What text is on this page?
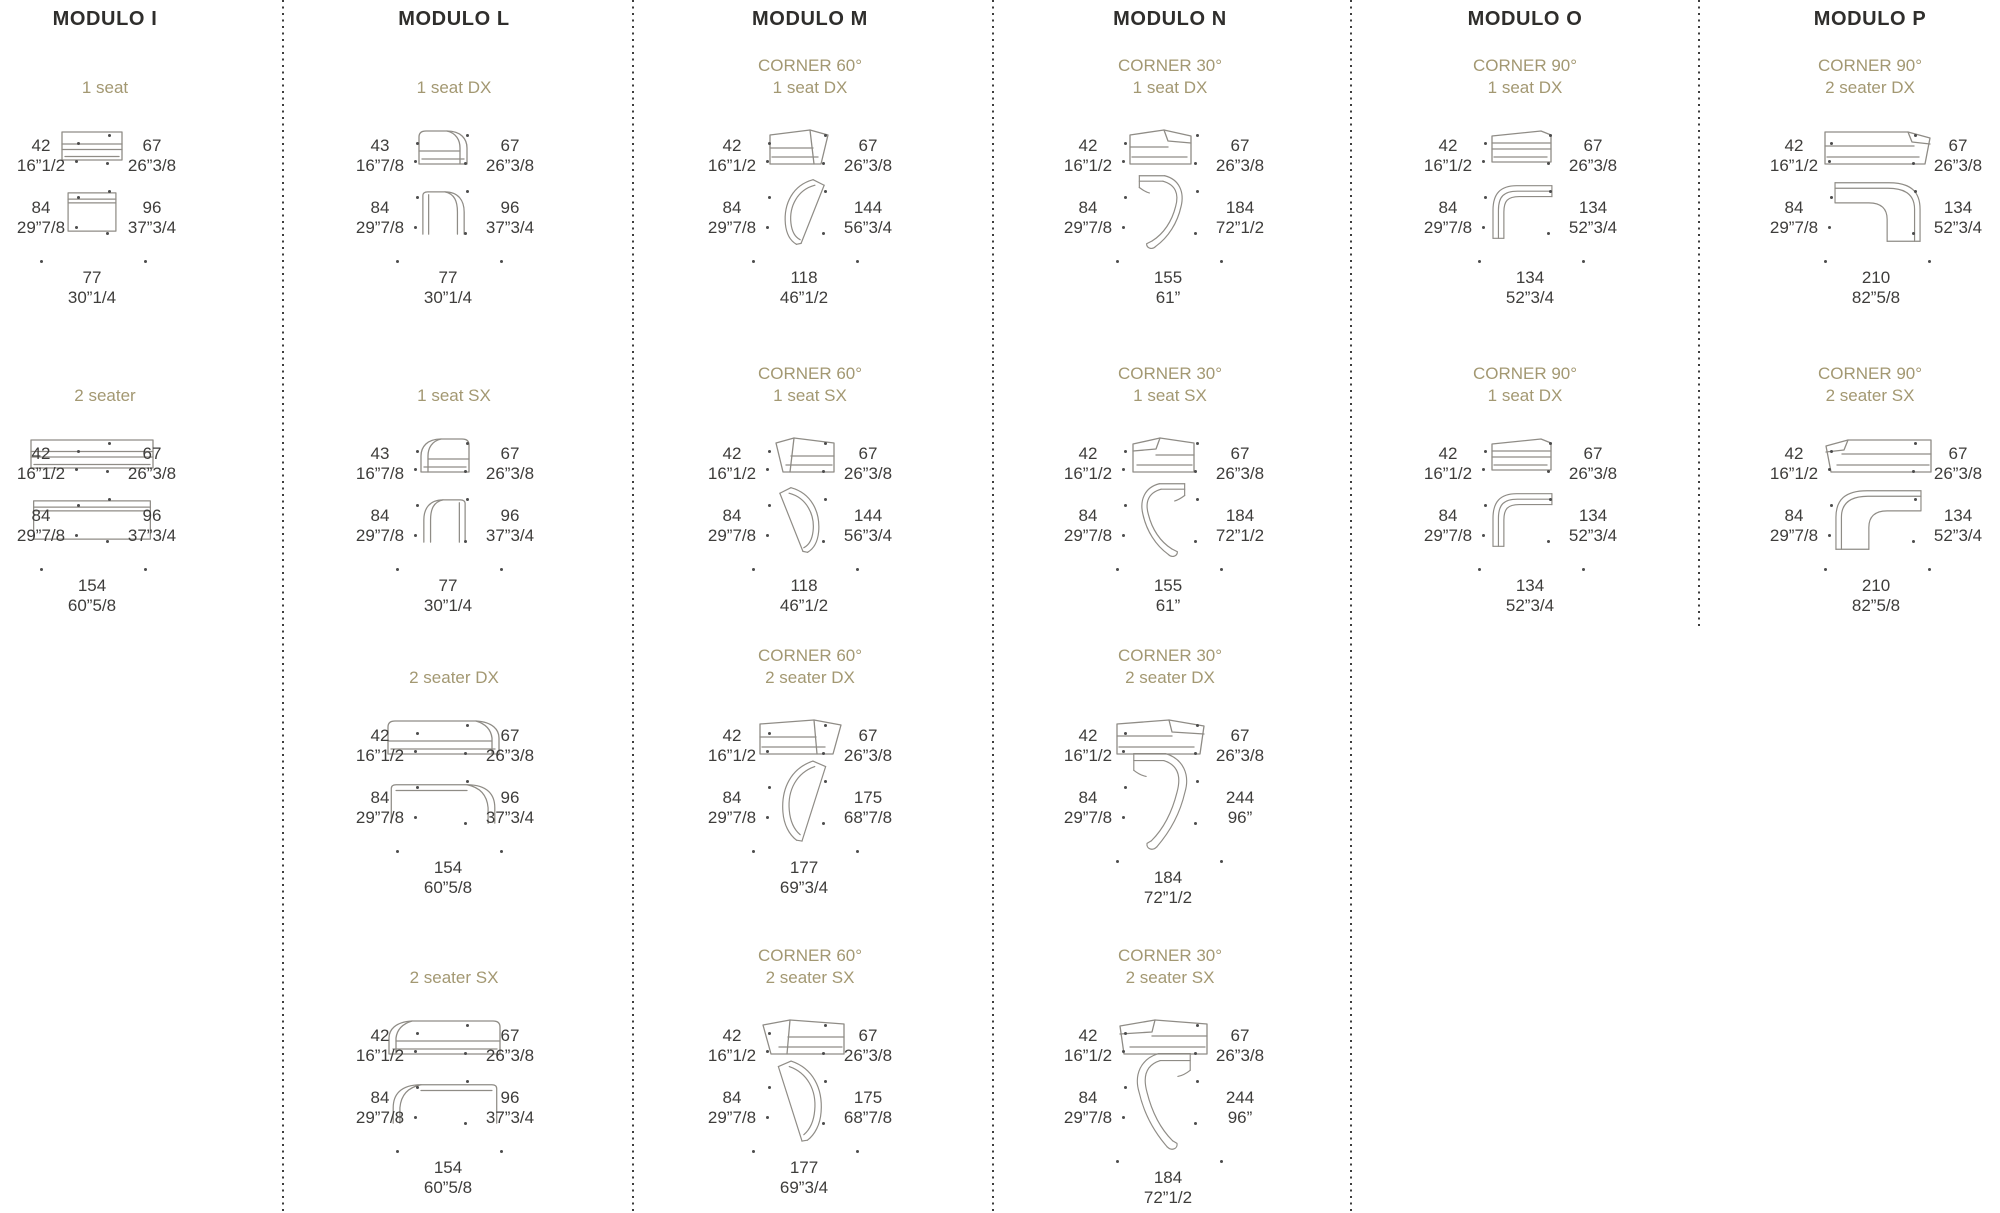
MODULO I
1 seat
42
16”1/2
67
26”3/8
84
29”7/8
96
37”3/4
77
30”1/4
2 seater
42
16”1/2
67
26”3/8
84
29”7/8
96
37”3/4
154
60”5/8
MODULO L
1 seat DX
43
16”7/8
67
26”3/8
84
29”7/8
96
37”3/4
77
30”1/4
1 seat SX
43
16”7/8
67
26”3/8
84
29”7/8
96
37”3/4
77
30”1/4
2 seater DX
42
16”1/2
67
26”3/8
84
29”7/8
96
37”3/4
154
60”5/8
2 seater SX
42
16”1/2
67
26”3/8
84
29”7/8
96
37”3/4
154
60”5/8
MODULO M
CORNER 60°
1 seat DX
42
16”1/2
67
26”3/8
84
29”7/8
144
56”3/4
118
46”1/2
CORNER 60°
1 seat SX
42
16”1/2
67
26”3/8
84
29”7/8
144
56”3/4
118
46”1/2
CORNER 60°
2 seater DX
42
16”1/2
67
26”3/8
84
29”7/8
175
68”7/8
177
69”3/4
CORNER 60°
2 seater SX
42
16”1/2
67
26”3/8
84
29”7/8
175
68”7/8
177
69”3/4
MODULO N
CORNER 30°
1 seat DX
42
16”1/2
67
26”3/8
84
29”7/8
184
72”1/2
155
61”
CORNER 30°
1 seat SX
42
16”1/2
67
26”3/8
84
29”7/8
184
72”1/2
155
61”
CORNER 30°
2 seater DX
42
16”1/2
67
26”3/8
84
29”7/8
244
96”
184
72”1/2
CORNER 30°
2 seater SX
42
16”1/2
67
26”3/8
84
29”7/8
244
96”
184
72”1/2
MODULO O
CORNER 90°
1 seat DX
42
16”1/2
67
26”3/8
84
29”7/8
134
52”3/4
134
52”3/4
CORNER 90°
1 seat DX
42
16”1/2
67
26”3/8
84
29”7/8
134
52”3/4
134
52”3/4
MODULO P
CORNER 90°
2 seater DX
42
16”1/2
67
26”3/8
84
29”7/8
134
52”3/4
210
82”5/8
CORNER 90°
2 seater SX
42
16”1/2
67
26”3/8
84
29”7/8
134
52”3/4
210
82”5/8
